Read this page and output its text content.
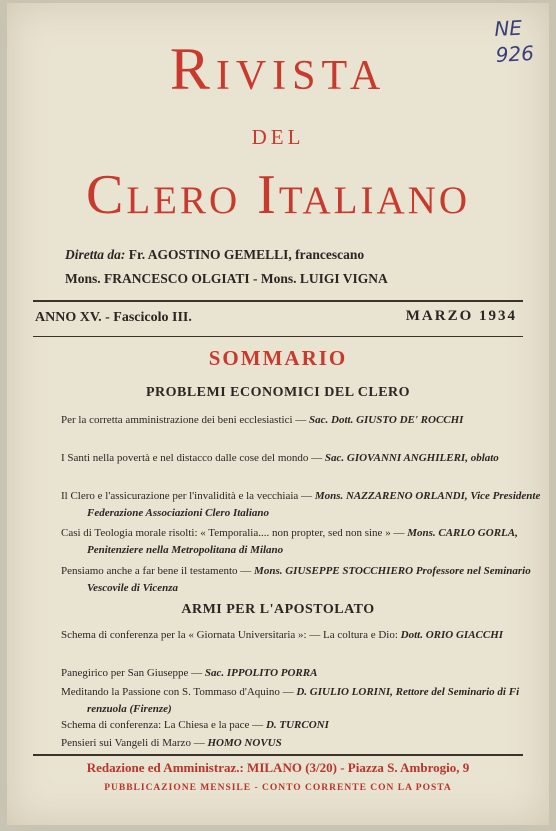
NE
926
Rivista
del
Clero Italiano
Diretta da: Fr. AGOSTINO GEMELLI, francescano
Mons. FRANCESCO OLGIATI - Mons. LUIGI VIGNA
ANNO XV. - Fascicolo III.	MARZO 1934
SOMMARIO
PROBLEMI ECONOMICI DEL CLERO
Per la corretta amministrazione dei beni ecclesiastici — Sac. Dott. GIUSTO DE' ROCCHI
I Santi nella povertà e nel distacco dalle cose del mondo — Sac. GIOVANNI ANGHILERI, oblato
Il Clero e l'assicurazione per l'invalidità e la vecchiaia — Mons. NAZZARENO ORLANDI, Vice Presidente Federazione Associazioni Clero Italiano
Casi di Teologia morale risolti: « Temporalia.... non propter, sed non sine » — Mons. CARLO GORLA, Penitenziere nella Metropolitana di Milano
Pensiamo anche a far bene il testamento — Mons. GIUSEPPE STOCCHIERO Professore nel Seminario Vescovile di Vicenza
ARMI PER L'APOSTOLATO
Schema di conferenza per la « Giornata Universitaria »: — La coltura e Dio: Dott. ORIO GIACCHI
Panegirico per San Giuseppe — Sac. IPPOLITO PORRA
Meditando la Passione con S. Tommaso d'Aquino — D. GIULIO LORINI, Rettore del Seminario di Fi renzuola (Firenze)
Schema di conferenza: La Chiesa e la pace — D. TURCONI
Pensieri sui Vangeli di Marzo — HOMO NOVUS
Redazione ed Amministraz.: MILANO (3/20) - Piazza S. Ambrogio, 9
PUBBLICAZIONE MENSILE - CONTO CORRENTE CON LA POSTA
